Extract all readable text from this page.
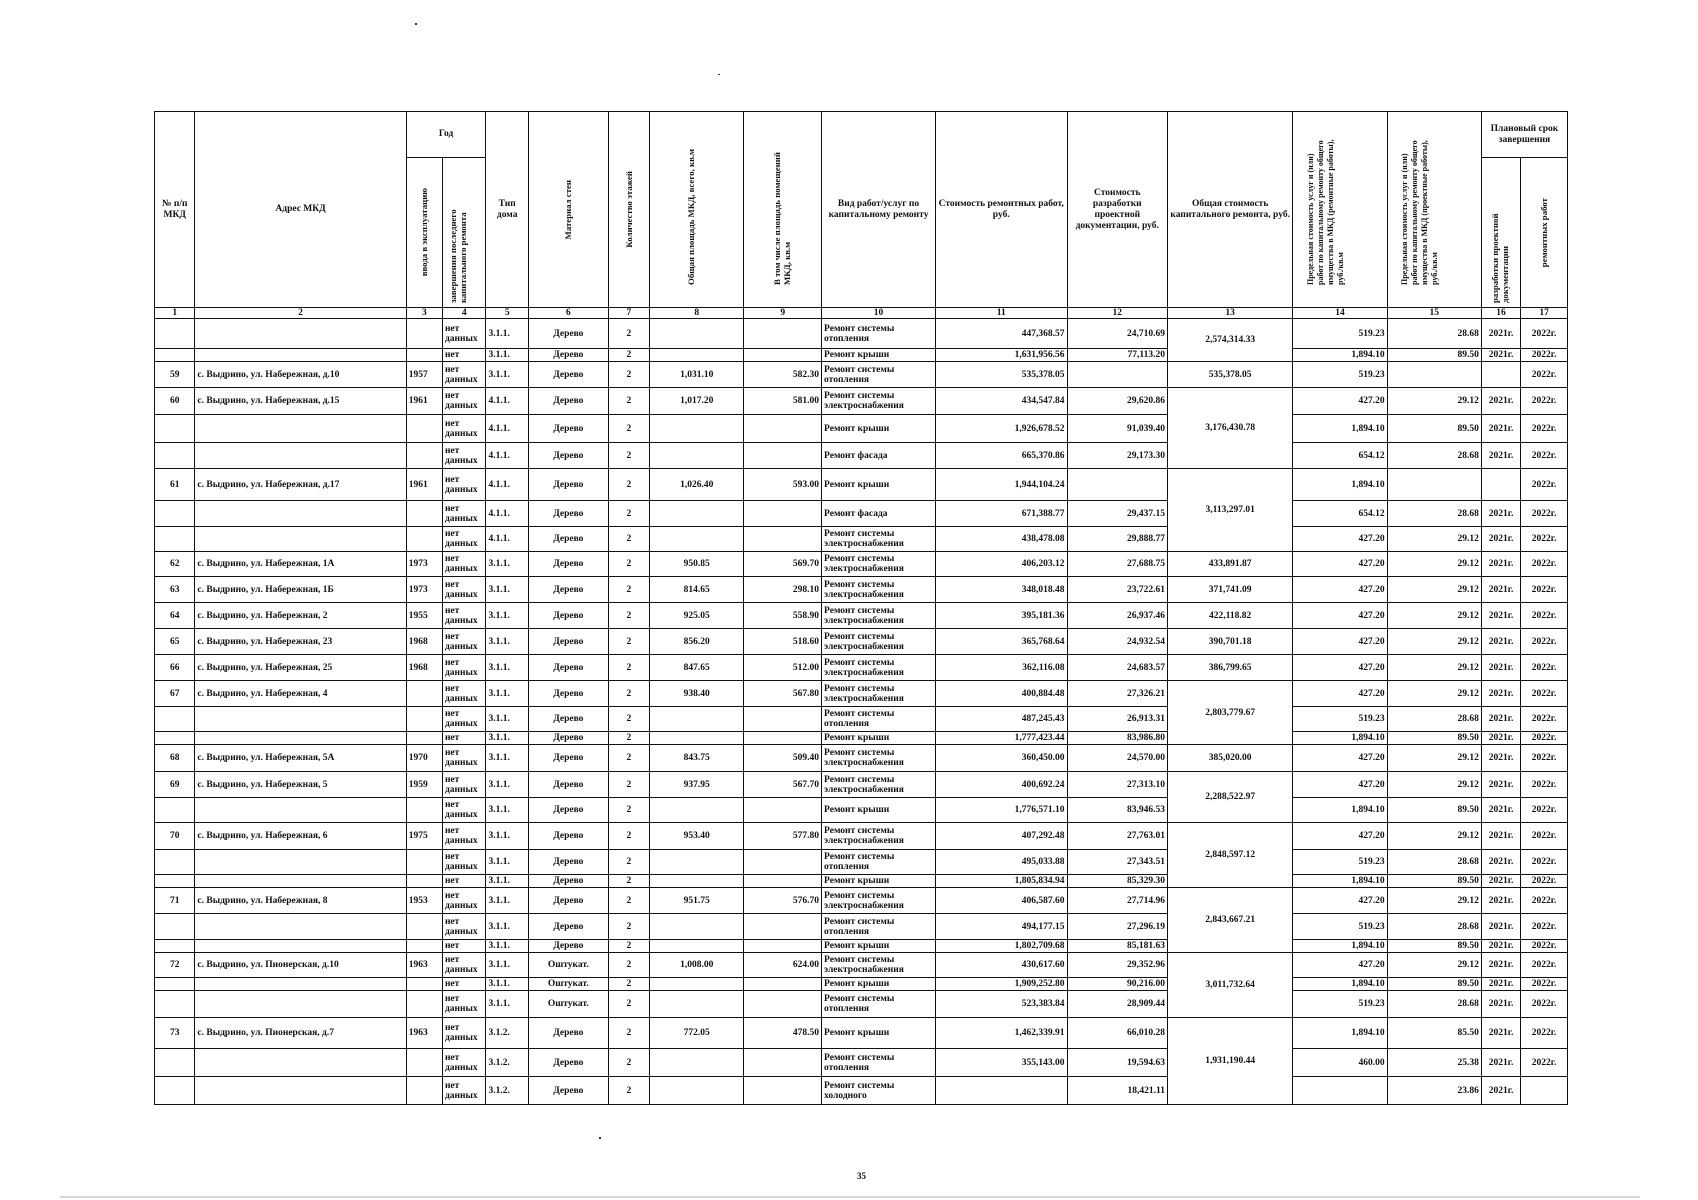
№ п/п МКД	Адрес МКД	Год		Тип дома	Материал стен	Количество этажей	Общая площадь МКД, всего, кв.м	В том числе площадь помещений МКД, кв.м	Вид работ/услуг по капитальному ремонту	Стоимость ремонтных работ, руб.	Стоимость разработки проектной документации, руб.	Общая стоимость капитального ремонта, руб.	Предельная стоимость услуг и (или) работ по капитальному ремонту общего имущества в МКД (ремонтные работы), руб./кв.м	Предельная стоимость услуг и (или) работ по капитальному ремонту общего имущества в МКД (проектные работы), руб./кв.м	Плановый срок завершения	

		ввода в эксплуатацию	завершения последнего капитального ремонта												разработки проектной документации	ремонтных работ

1	2	3	4	5	6	7	8	9	10	11	12	13	14	15	16	17
			нет данных	3.1.1.	Дерево	2			Ремонт системы отопления	447,368.57	24,710.69	2,574,314.33	519.23	28.68	2021г.	2022г.
			нет	3.1.1.	Дерево	2			Ремонт крыши	1,631,956.56	77,113.20		1,894.10	89.50	2021г.	2022г.
59	с. Выдрино, ул. Набережная, д.10	1957	нет данных	3.1.1.	Дерево	2	1,031.10	582.30	Ремонт системы отопления	535,378.05		535,378.05	519.23			2022г.
60	с. Выдрино, ул. Набережная, д.15	1961	нет данных	4.1.1.	Дерево	2	1,017.20	581.00	Ремонт системы электроснабжения	434,547.84	29,620.86	3,176,430.78	427.20	29.12	2021г.	2022г.
			нет данных	4.1.1.	Дерево	2			Ремонт крыши	1,926,678.52	91,039.40		1,894.10	89.50	2021г.	2022г.
			нет данных	4.1.1.	Дерево	2			Ремонт фасада	665,370.86	29,173.30		654.12	28.68	2021г.	2022г.
61	с. Выдрино, ул. Набережная, д.17	1961	нет данных	4.1.1.	Дерево	2	1,026.40	593.00	Ремонт крыши	1,944,104.24		3,113,297.01	1,894.10			2022г.
			нет данных	4.1.1.	Дерево	2			Ремонт фасада	671,388.77	29,437.15		654.12	28.68	2021г.	2022г.
			нет данных	4.1.1.	Дерево	2			Ремонт системы электроснабжения	438,478.08	29,888.77		427.20	29.12	2021г.	2022г.
62	с. Выдрино, ул. Набережная, 1А	1973	нет данных	3.1.1.	Дерево	2	950.85	569.70	Ремонт системы электроснабжения	406,203.12	27,688.75	433,891.87	427.20	29.12	2021г.	2022г.
63	с. Выдрино, ул. Набережная, 1Б	1973	нет данных	3.1.1.	Дерево	2	814.65	298.10	Ремонт системы электроснабжения	348,018.48	23,722.61	371,741.09	427.20	29.12	2021г.	2022г.
64	с. Выдрино, ул. Набережная, 2	1955	нет данных	3.1.1.	Дерево	2	925.05	558.90	Ремонт системы электроснабжения	395,181.36	26,937.46	422,118.82	427.20	29.12	2021г.	2022г.
65	с. Выдрино, ул. Набережная, 23	1968	нет данных	3.1.1.	Дерево	2	856.20	518.60	Ремонт системы электроснабжения	365,768.64	24,932.54	390,701.18	427.20	29.12	2021г.	2022г.
66	с. Выдрино, ул. Набережная, 25	1968	нет данных	3.1.1.	Дерево	2	847.65	512.00	Ремонт системы электроснабжения	362,116.08	24,683.57	386,799.65	427.20	29.12	2021г.	2022г.
67	с. Выдрино, ул. Набережная, 4		нет данных	3.1.1.	Дерево	2	938.40	567.80	Ремонт системы электроснабжения	400,884.48	27,326.21	2,803,779.67	427.20	29.12	2021г.	2022г.
			нет данных	3.1.1.	Дерево	2			Ремонт системы отопления	487,245.43	26,913.31		519.23	28.68	2021г.	2022г.
			нет	3.1.1.	Дерево	2			Ремонт крыши	1,777,423.44	83,986.80		1,894.10	89.50	2021г.	2022г.
68	с. Выдрино, ул. Набережная, 5А	1970	нет данных	3.1.1.	Дерево	2	843.75	509.40	Ремонт системы электроснабжения	360,450.00	24,570.00	385,020.00	427.20	29.12	2021г.	2022г.
69	с. Выдрино, ул. Набережная, 5	1959	нет данных	3.1.1.	Дерево	2	937.95	567.70	Ремонт системы электроснабжения	400,692.24	27,313.10	2,288,522.97	427.20	29.12	2021г.	2022г.
			нет данных	3.1.1.	Дерево	2			Ремонт крыши	1,776,571.10	83,946.53		1,894.10	89.50	2021г.	2022г.
70	с. Выдрино, ул. Набережная, 6	1975	нет данных	3.1.1.	Дерево	2	953.40	577.80	Ремонт системы электроснабжения	407,292.48	27,763.01	2,848,597.12	427.20	29.12	2021г.	2022г.
			нет данных	3.1.1.	Дерево	2			Ремонт системы отопления	495,033.88	27,343.51		519.23	28.68	2021г.	2022г.
			нет	3.1.1.	Дерево	2			Ремонт крыши	1,805,834.94	85,329.30		1,894.10	89.50	2021г.	2022г.
71	с. Выдрино, ул. Набережная, 8	1953	нет данных	3.1.1.	Дерево	2	951.75	576.70	Ремонт системы электроснабжения	406,587.60	27,714.96	2,843,667.21	427.20	29.12	2021г.	2022г.
			нет данных	3.1.1.	Дерево	2			Ремонт системы отопления	494,177.15	27,296.19		519.23	28.68	2021г.	2022г.
			нет	3.1.1.	Дерево	2			Ремонт крыши	1,802,709.68	85,181.63		1,894.10	89.50	2021г.	2022г.
72	с. Выдрино, ул. Пионерская, д.10	1963	нет данных	3.1.1.	Оштукат.	2	1,008.00	624.00	Ремонт системы электроснабжения	430,617.60	29,352.96	3,011,732.64	427.20	29.12	2021г.	2022г.
			нет	3.1.1.	Оштукат.	2			Ремонт крыши	1,909,252.80	90,216.00		1,894.10	89.50	2021г.	2022г.
			нет данных	3.1.1.	Оштукат.	2			Ремонт системы отопления	523,383.84	28,909.44		519.23	28.68	2021г.	2022г.
73	с. Выдрино, ул. Пионерская, д.7	1963	нет данных	3.1.2.	Дерево	2	772.05	478.50	Ремонт крыши	1,462,339.91	66,010.28	1,931,190.44	1,894.10	85.50	2021г.	2022г.
			нет данных	3.1.2.	Дерево	2			Ремонт системы отопления	355,143.00	19,594.63		460.00	25.38	2021г.	2022г.
			нет данных	3.1.2.	Дерево	2			Ремонт системы холодного		18,421.11			23.86	2021г.	
35
